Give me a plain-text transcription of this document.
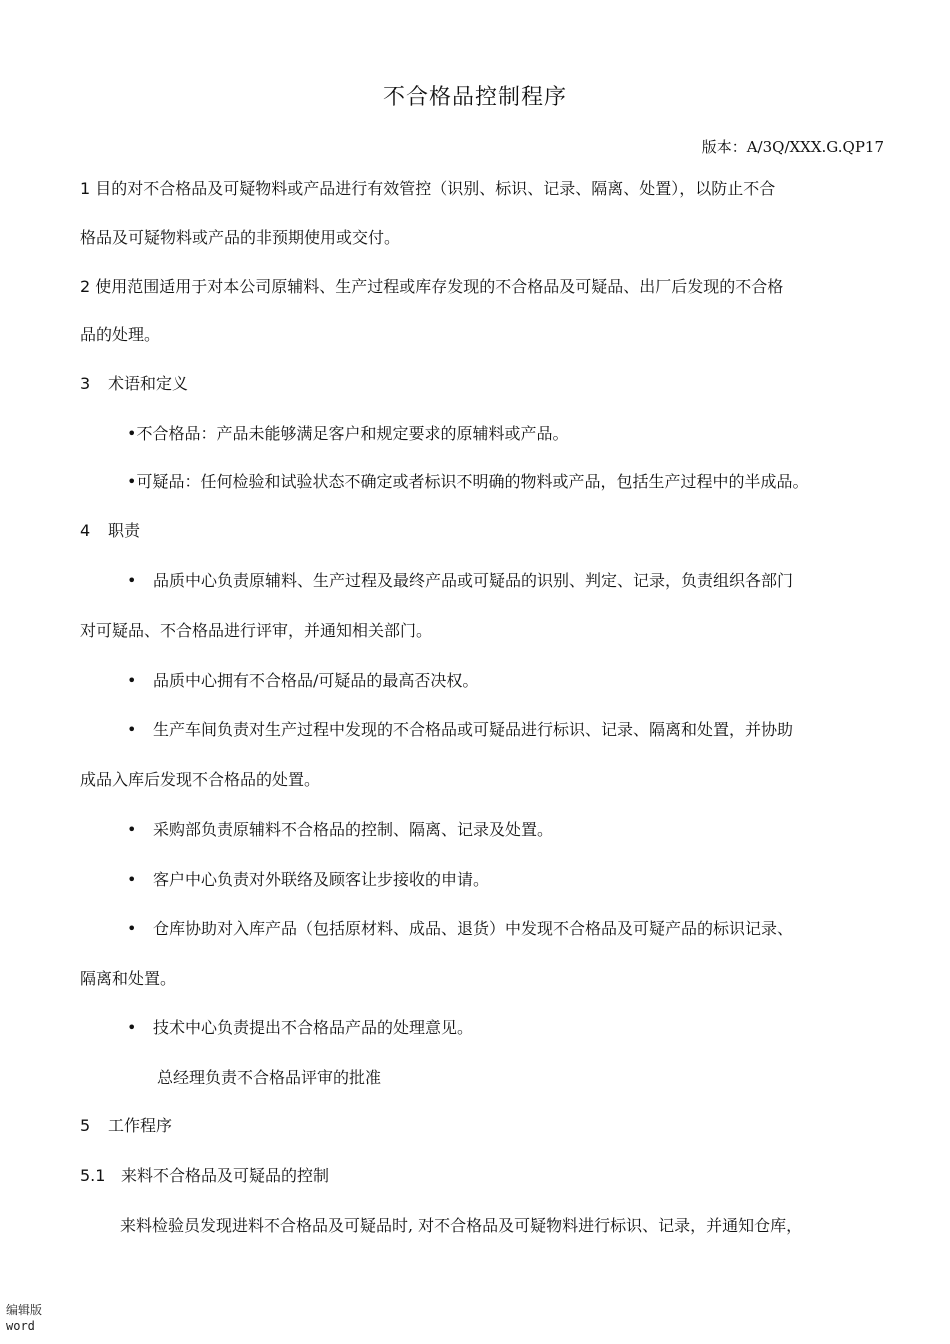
不合格品控制程序
版本：A/3Q/XXX.G.QP17
1 目的对不合格品及可疑物料或产品进行有效管控（识别、标识、记录、隔离、处置），以防止不合
格品及可疑物料或产品的非预期使用或交付。
2 使用范围适用于对本公司原辅料、生产过程或库存发现的不合格品及可疑品、出厂后发现的不合格
品的处理。
3 术语和定义
•不合格品：产品未能够满足客户和规定要求的原辅料或产品。
•可疑品：任何检验和试验状态不确定或者标识不明确的物料或产品，包括生产过程中的半成品。
4 职责
• 品质中心负责原辅料、生产过程及最终产品或可疑品的识别、判定、记录，负责组织各部门
对可疑品、不合格品进行评审，并通知相关部门。
• 品质中心拥有不合格品/可疑品的最高否决权。
• 生产车间负责对生产过程中发现的不合格品或可疑品进行标识、记录、隔离和处置，并协助
成品入库后发现不合格品的处置。
• 采购部负责原辅料不合格品的控制、隔离、记录及处置。
• 客户中心负责对外联络及顾客让步接收的申请。
• 仓库协助对入库产品（包括原材料、成品、退货）中发现不合格品及可疑产品的标识记录、
隔离和处置。
• 技术中心负责提出不合格品产品的处理意见。
总经理负责不合格品评审的批准
5 工作程序
5.1 来料不合格品及可疑品的控制
来料检验员发现进料不合格品及可疑品时, 对不合格品及可疑物料进行标识、记录，并通知仓库，
编辑版
word
